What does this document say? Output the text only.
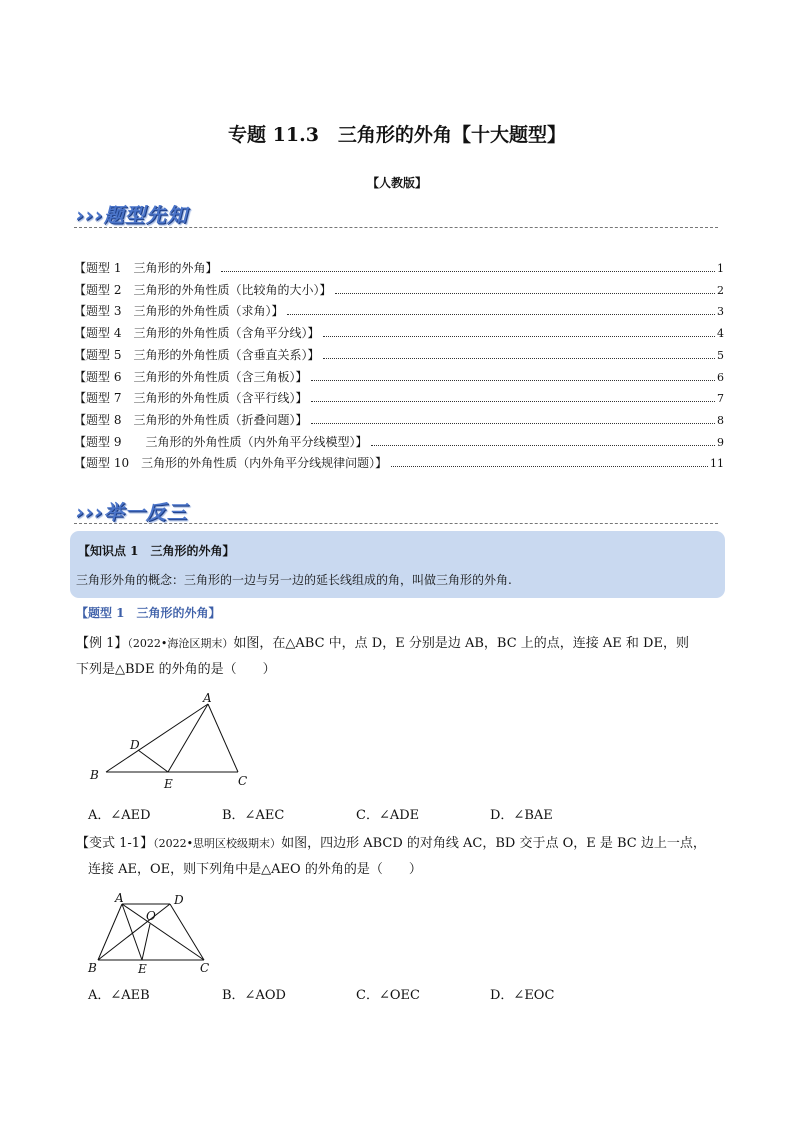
专题 11.3　三角形的外角【十大题型】
【人教版】
›››题型先知
【题型 1　三角形的外角】	1
【题型 2　三角形的外角性质（比较角的大小）】	2
【题型 3　三角形的外角性质（求角）】	3
【题型 4　三角形的外角性质（含角平分线）】	4
【题型 5　三角形的外角性质（含垂直关系）】	5
【题型 6　三角形的外角性质（含三角板）】	6
【题型 7　三角形的外角性质（含平行线）】	7
【题型 8　三角形的外角性质（折叠问题）】	8
【题型 9　　三角形的外角性质（内外角平分线模型）】	9
【题型 10　三角形的外角性质（内外角平分线规律问题）】	11
›››举一反三
【知识点 1　三角形的外角】
三角形外角的概念：三角形的一边与另一边的延长线组成的角，叫做三角形的外角.
【题型 1　三角形的外角】
【例 1】（2022•海沧区期末）如图，在△ABC 中，点 D，E 分别是边 AB，BC 上的点，连接 AE 和 DE，则
下列是△BDE 的外角的是（　　）
A
B	C
D
E
A．∠AED	B．∠AEC	C．∠ADE	D．∠BAE
【变式 1-1】（2022•思明区校级期末）如图，四边形 ABCD 的对角线 AC，BD 交于点 O，E 是 BC 边上一点，
连接 AE，OE，则下列角中是△AEO 的外角的是（　　）
A
B	C
D
E
O
A．∠AEB	B．∠AOD	C．∠OEC	D．∠EOC
